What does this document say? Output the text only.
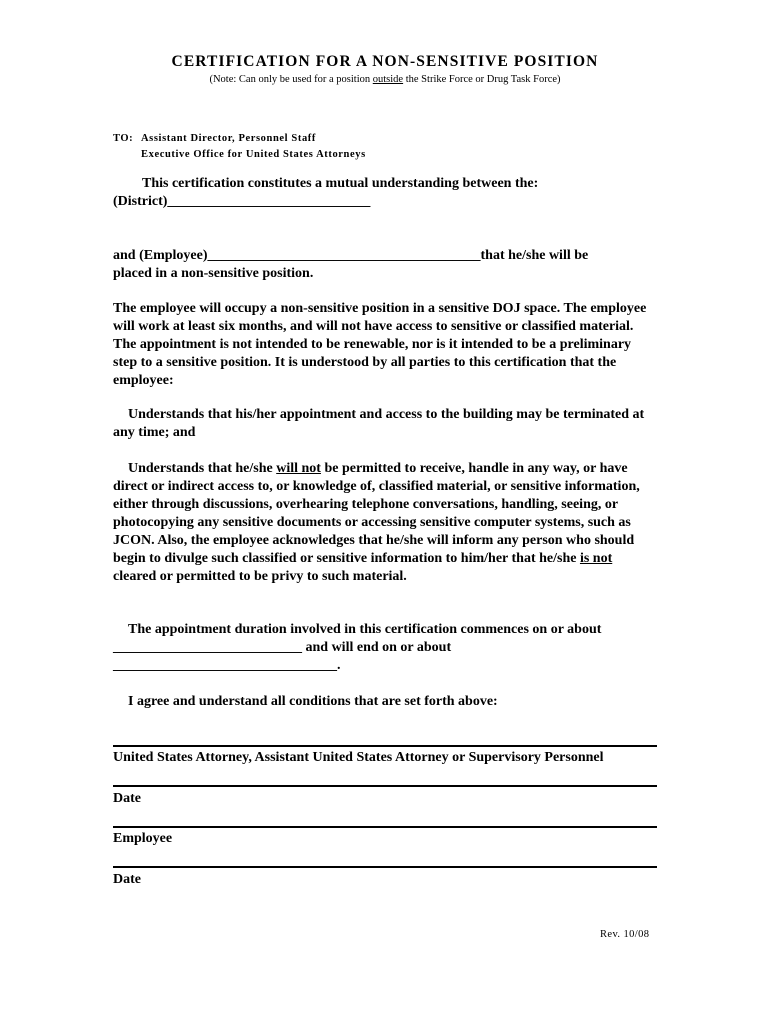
CERTIFICATION FOR A NON-SENSITIVE POSITION
(Note: Can only be used for a position outside the Strike Force or Drug Task Force)
TO: Assistant Director, Personnel Staff
Executive Office for United States Attorneys
This certification constitutes a mutual understanding between the:
(District)_____________________________
and (Employee)_______________________________________that he/she will be
placed in a non-sensitive position.
The employee will occupy a non-sensitive position in a sensitive DOJ space. The employee will work at least six months, and will not have access to sensitive or classified material. The appointment is not intended to be renewable, nor is it intended to be a preliminary step to a sensitive position. It is understood by all parties to this certification that the employee:
Understands that his/her appointment and access to the building may be terminated at any time; and
Understands that he/she will not be permitted to receive, handle in any way, or have direct or indirect access to, or knowledge of, classified material, or sensitive information, either through discussions, overhearing telephone conversations, handling, seeing, or photocopying any sensitive documents or accessing sensitive computer systems, such as JCON. Also, the employee acknowledges that he/she will inform any person who should begin to divulge such classified or sensitive information to him/her that he/she is not cleared or permitted to be privy to such material.
The appointment duration involved in this certification commences on or about
___________________________ and will end on or about
________________________________.
I agree and understand all conditions that are set forth above:
United States Attorney, Assistant United States Attorney or Supervisory Personnel
Date
Employee
Date
Rev. 10/08
